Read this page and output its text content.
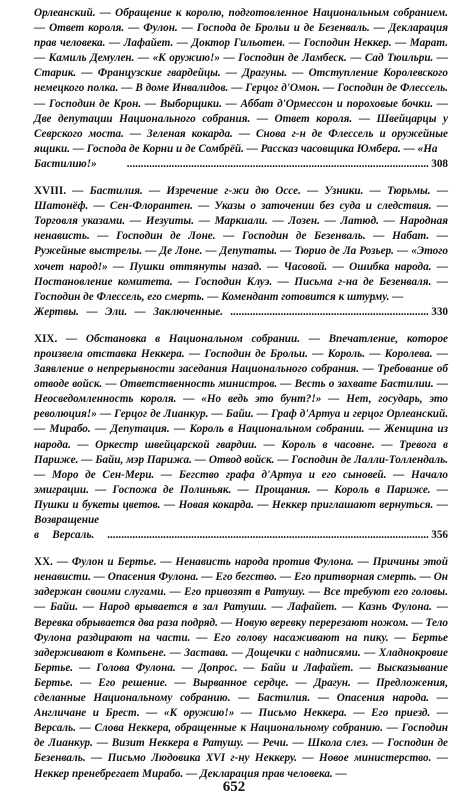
Орлеанский. — Обращение к королю, подготовленное Национальным собранием. — Ответ короля. — Фулон. — Господа де Брольи и де Безенваль. — Декларация прав человека. — Лафайет. — Доктор Гильотен. — Господин Неккер. — Марат. — Камиль Демулен. — «К оружию!» — Господин де Ламбеск. — Сад Тюильри. — Старик. — Французские гвардейцы. — Драгуны. — Отступление Королевского немецкого полка. — В доме Инвалидов. — Герцог д'Омон. — Господин де Флессель. — Господин де Крон. — Выборщики. — Аббат д'Ормессон и пороховые бочки. — Две депутации Национального собрания. — Ответ короля. — Швейцарцы у Севрского моста. — Зеленая кокарда. — Снова г-н де Флессель и оружейные ящики. — Господа де Корни и де Сомбрёй. — Рассказ часовщика Юмбера. — «На
308
Бастилию!» ............................................................................................................

XVIII. — Бастилия. — Изречение г-жи дю Оссе. — Узники. — Тюрьмы. — Шатонёф. — Сен-Флорантен. — Указы о заточении без суда и следствия. — Торговля указами. — Иезуиты. — Маркиали. — Лозен. — Латюд. — Народная ненависть. — Господин де Лоне. — Господин де Безенваль. — Набат. — Ружейные выстрелы. — Де Лоне. — Депутаты. — Тюрио де Ла Розьер. — «Этого хочет народ!» — Пушки оттянуты назад. — Часовой. — Ошибка народа. — Постановление комитета. — Господин Клуэ. — Письма г-на де Безенваля. — Господин де Флессель, его смерть. — Комендант готовится к штурму. —
330
Жертвы. — Эли. — Заключенные. .......................................................................

XIX. — Обстановка в Национальном собрании. — Впечатление, которое произвела отставка Неккера. — Господин де Брольи. — Король. — Королева. — Заявление о непрерывности заседания Национального собрания. — Требование об отводе войск. — Ответственность министров. — Весть о захвате Бастилии. — Неосведомленность короля. — «Но ведь это бунт?!» — Нет, государь, это революция!» — Герцог де Лианкур. — Байи. — Граф д'Артуа и герцог Орлеанский. — Мирабо. — Депутация. — Король в Национальном собрании. — Женщина из народа. — Оркестр швейцарской гвардии. — Король в часовне. — Тревога в Париже. — Байи, мэр Парижа. — Отвод войск. — Господин де Лалли-Толлендаль. — Моро де Сен-Мери. — Бегство графа д'Артуа и его сыновей. — Начало эмиграции. — Госпожа де Полиньяк. — Прощания. — Король в Париже. — Пушки и букеты цветов. — Новая кокарда. — Неккер приглашают вернуться. — Возвращение
356
в Версаль. ...................................................................................................................

XX. — Фулон и Бертье. — Ненависть народа против Фулона. — Причины этой ненависти. — Опасения Фулона. — Его бегство. — Его притворная смерть. — Он задержан своими слугами. — Его привозят в Ратушу. — Все требуют его головы. — Байи. — Народ врывается в зал Ратуши. — Лафайет. — Казнь Фулона. — Веревка обрывается два раза подряд. — Новую веревку перерезают ножом. — Тело Фулона раздирают на части. — Его голову насаживают на пику. — Бертье задерживают в Компьене. — Застава. — Дощечки с надписями. — Хладнокровие Бертье. — Голова Фулона. — Допрос. — Байи и Лафайет. — Высказывание Бертье. — Его решение. — Вырванное сердце. — Драгун. — Предложения, сделанные Национальному собранию. — Бастилия. — Опасения народа. — Англичане и Брест. — «К оружию!» — Письмо Неккера. — Его приезд. — Версаль. — Слова Неккера, обращенные к Национальному собранию. — Господин де Лианкур. — Визит Неккера в Ратушу. — Речи. — Школа слез. — Господин де Безенваль. — Письмо Людовика XVI г-ну Неккеру. — Новое министерство. — Неккер пренебрегает Мирабо. — Декларация прав человека. —

652
